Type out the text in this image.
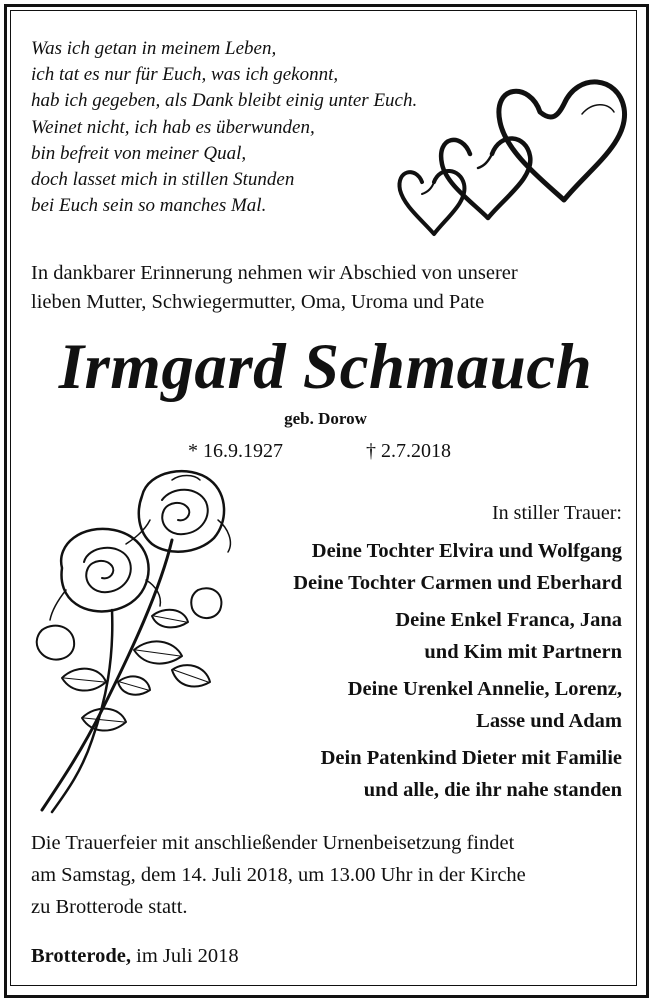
Was ich getan in meinem Leben,
ich tat es nur für Euch, was ich gekonnt,
hab ich gegeben, als Dank bleibt einig unter Euch.
Weinet nicht, ich hab es überwunden,
bin befreit von meiner Qual,
doch lasset mich in stillen Stunden
bei Euch sein so manches Mal.
In dankbarer Erinnerung nehmen wir Abschied von unserer
lieben Mutter, Schwiegermutter, Oma, Uroma und Pate
Irmgard Schmauch
geb. Dorow
* 16.9.1927	† 2.7.2018
In stiller Trauer:
Deine Tochter Elvira und Wolfgang
Deine Tochter Carmen und Eberhard
Deine Enkel Franca, Jana
und Kim mit Partnern
Deine Urenkel Annelie, Lorenz,
Lasse und Adam
Dein Patenkind Dieter mit Familie
und alle, die ihr nahe standen
Die Trauerfeier mit anschließender Urnenbeisetzung findet
am Samstag, dem 14. Juli 2018, um 13.00 Uhr in der Kirche
zu Brotterode statt.
Brotterode, im Juli 2018
